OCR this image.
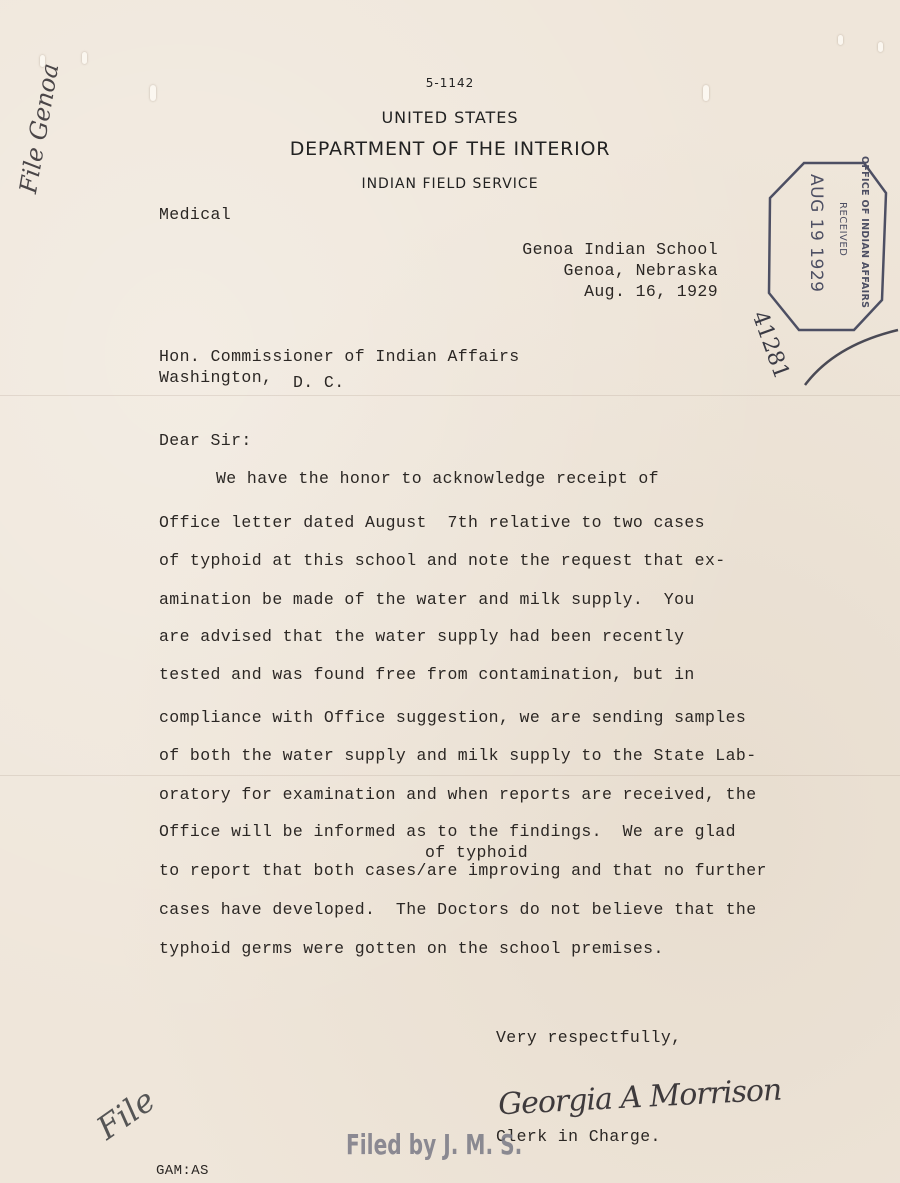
File Genoa	5-1142
UNITED STATES
DEPARTMENT OF THE INTERIOR
INDIAN FIELD SERVICE
Medical
Genoa Indian School
Genoa, Nebraska
Aug. 16, 1929

	OFFICE OF INDIAN AFFAIRS

RECEIVED

AUG 19 1929

41281
Hon. Commissioner of Indian Affairs
Washington, D. C.
Dear Sir:
We have the honor to acknowledge receipt of
Office letter dated August  7th relative to two cases
of typhoid at this school and note the request that ex-
amination be made of the water and milk supply.  You
are advised that the water supply had been recently
tested and was found free from contamination, but in
compliance with Office suggestion, we are sending samples
of both the water supply and milk supply to the State Lab-
oratory for examination and when reports are received, the
Office will be informed as to the findings.  We are glad
of typhoid
to report that both cases/are improving and that no further
cases have developed.  The Doctors do not believe that the
typhoid germs were gotten on the school premises.
Very respectfully,
Georgia A Morrison
Clerk in Charge.
Filed by J. M. S.
File
GAM:AS
